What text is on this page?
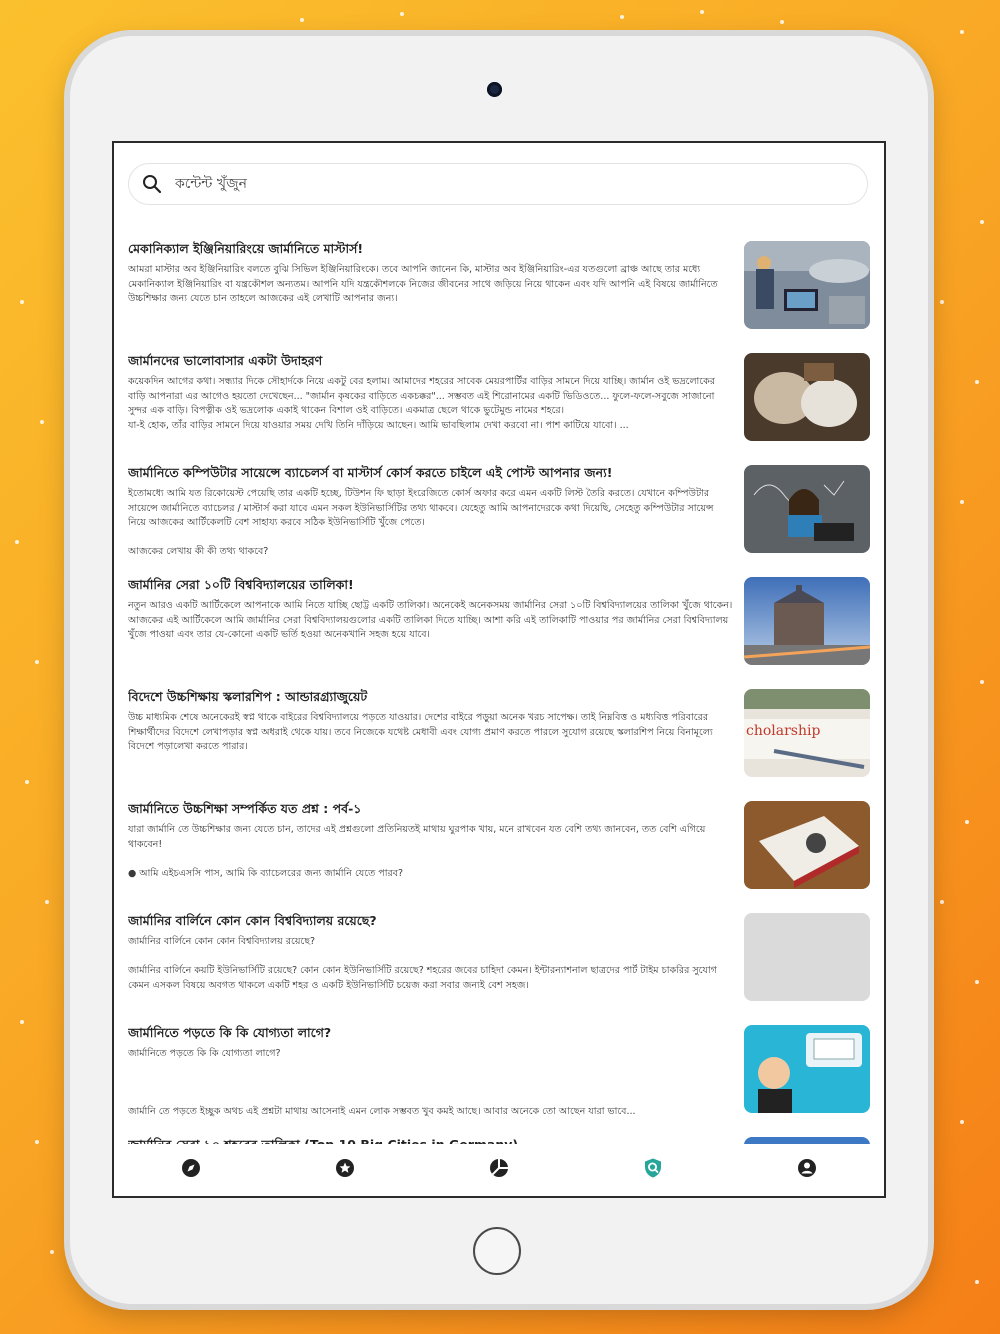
কন্টেন্ট খুঁজুন
মেকানিক্যাল ইঞ্জিনিয়ারিংয়ে জার্মানিতে মাস্টার্স!
আমরা মাস্টার অব ইঞ্জিনিয়ারিং বলতে বুঝি সিভিল ইঞ্জিনিয়ারিংকে। তবে আপনি জানেন কি, মাস্টার অব ইঞ্জিনিয়ারিং-এর যতগুলো ব্রাঞ্চ আছে তার মধ্যে মেকানিক্যাল ইঞ্জিনিয়ারিং বা যন্ত্রকৌশল অন্যতম। আপনি যদি যন্ত্রকৌশলকে নিজের জীবনের সাথে জড়িয়ে নিয়ে থাকেন এবং যদি আপনি এই বিষয়ে জার্মানিতে উচ্চশিক্ষার জন্য যেতে চান তাহলে আজকের এই লেখাটি আপনার জন্য।
জার্মানদের ভালোবাসার একটা উদাহরণ
কয়েকদিন আগের কথা। সন্ধ্যার দিকে সৌহার্দকে নিয়ে একটু বের হলাম। আমাদের শহরের সাবেক মেয়রপার্টির বাড়ির সামনে দিয়ে যাচ্ছি। জার্মান ওই ভদ্রলোকের বাড়ি আপনারা এর আগেও হয়তো দেখেছেন... "জার্মান কৃষকের বাড়িতে একচক্কর"... সম্ভবত এই শিরোনামের একটি ভিডিওতে... ফুলে-ফলে-সবুজে সাজানো সুন্দর এক বাড়ি। বিপত্নীক ওই ভদ্রলোক একাই থাকেন বিশাল ওই বাড়িতে। একমাত্র ছেলে থাকে ভুটেমুন্ড নামের শহরে।
যা-ই হোক, তাঁর বাড়ির সামনে দিয়ে যাওয়ার সময় দেখি তিনি দাঁড়িয়ে আছেন। আমি ভাবছিলাম দেখা করবো না। পাশ কাটিয়ে যাবো। ...
জার্মানিতে কম্পিউটার সায়েন্সে ব্যাচেলর্স বা মাস্টার্স কোর্স করতে চাইলে এই পোস্ট আপনার জন্য!
ইতোমধ্যে আমি যত রিকোয়েস্ট পেয়েছি তার একটি হচ্ছে, টিউশন ফি ছাড়া ইংরেজিতে কোর্স অফার করে এমন একটি লিস্ট তৈরি করতে। যেখানে কম্পিউটার সায়েন্সে জার্মানিতে ব্যাচেলর / মাস্টার্স করা যাবে এমন সকল ইউনিভার্সিটির তথ্য থাকবে। যেহেতু আমি আপনাদেরকে কথা দিয়েছি, সেহেতু কম্পিউটার সায়েন্স নিয়ে আজকের আর্টিকেলটি বেশ সাহায্য করবে সঠিক ইউনিভার্সিটি খুঁজে পেতে।

আজকের লেখায় কী কী তথ্য থাকবে?
জার্মানির সেরা ১০টি বিশ্ববিদ্যালয়ের তালিকা!
নতুন আরও একটি আর্টিকেলে আপনাকে আমি নিতে যাচ্ছি ছোট্ট একটি তালিকা। অনেকেই অনেকসময় জার্মানির সেরা ১০টি বিশ্ববিদ্যালয়ের তালিকা খুঁজে থাকেন। আজকের এই আর্টিকেলে আমি জার্মানির সেরা বিশ্ববিদ্যালয়গুলোর একটি তালিকা দিতে যাচ্ছি। আশা করি এই তালিকাটি পাওয়ার পর জার্মানির সেরা বিশ্ববিদ্যালয় খুঁজে পাওয়া এবং তার যে-কোনো একটি ভর্তি হওয়া অনেকখানি সহজ হয়ে যাবে।
বিদেশে উচ্চশিক্ষায় স্কলারশিপ : আন্ডারগ্র্যাজুয়েট
উচ্চ মাধ্যমিক শেষে অনেকেরই স্বপ্ন থাকে বাইরের বিশ্ববিদ্যালয়ে পড়তে যাওয়ার। দেশের বাইরে পড়ুয়া অনেক খরচ সাপেক্ষ। তাই নিম্নবিত্ত ও মধ্যবিত্ত পরিবারের শিক্ষার্থীদের বিদেশে লেখাপড়ার স্বপ্ন অধরাই থেকে যায়। তবে নিজেকে যথেষ্ট মেধাবী এবং যোগ্য প্রমাণ করতে পারলে সুযোগ রয়েছে স্কলারশিপ নিয়ে বিনামূল্যে বিদেশে পড়ালেখা করতে পারার।
cholarship
জার্মানিতে উচ্চশিক্ষা সম্পর্কিত যত প্রশ্ন : পর্ব-১
যারা জার্মানি তে উচ্চশিক্ষার জন্য যেতে চান, তাদের এই প্রশ্নগুলো প্রতিনিয়তই মাথায় ঘুরপাক খায়, মনে রাখবেন যত বেশি তথ্য জানবেন, তত বেশি এগিয়ে থাকবেন!

● আমি এইচএসসি পাস, আমি কি ব্যাচেলরের জন্য জার্মানি যেতে পারব?
জার্মানির বার্লিনে কোন কোন বিশ্ববিদ্যালয় রয়েছে?
জার্মানির বার্লিনে কোন কোন বিশ্ববিদ্যালয় রয়েছে?

জার্মানির বার্লিনে কয়টি ইউনিভার্সিটি রয়েছে? কোন কোন ইউনিভার্সিটি রয়েছে? শহরের জবের চাহিদা কেমন। ইন্টারন্যাশনাল ছাত্রদের পার্ট টাইম চাকরির সুযোগ কেমন এসকল বিষয়ে অবগত থাকলে একটি শহর ও একটি ইউনিভার্সিটি চয়েজ করা সবার জন্যই বেশ সহজ।
জার্মানিতে পড়তে কি কি যোগ্যতা লাগে?
জার্মানিতে পড়তে কি কি যোগ্যতা লাগে?

জার্মানি তে পড়তে ইচ্ছুক অথচ এই প্রশ্নটা মাথায় আসেনাই এমন লোক সম্ভবত খুব কমই আছে। আবার অনেকে তো আছেন যারা ভাবে...
